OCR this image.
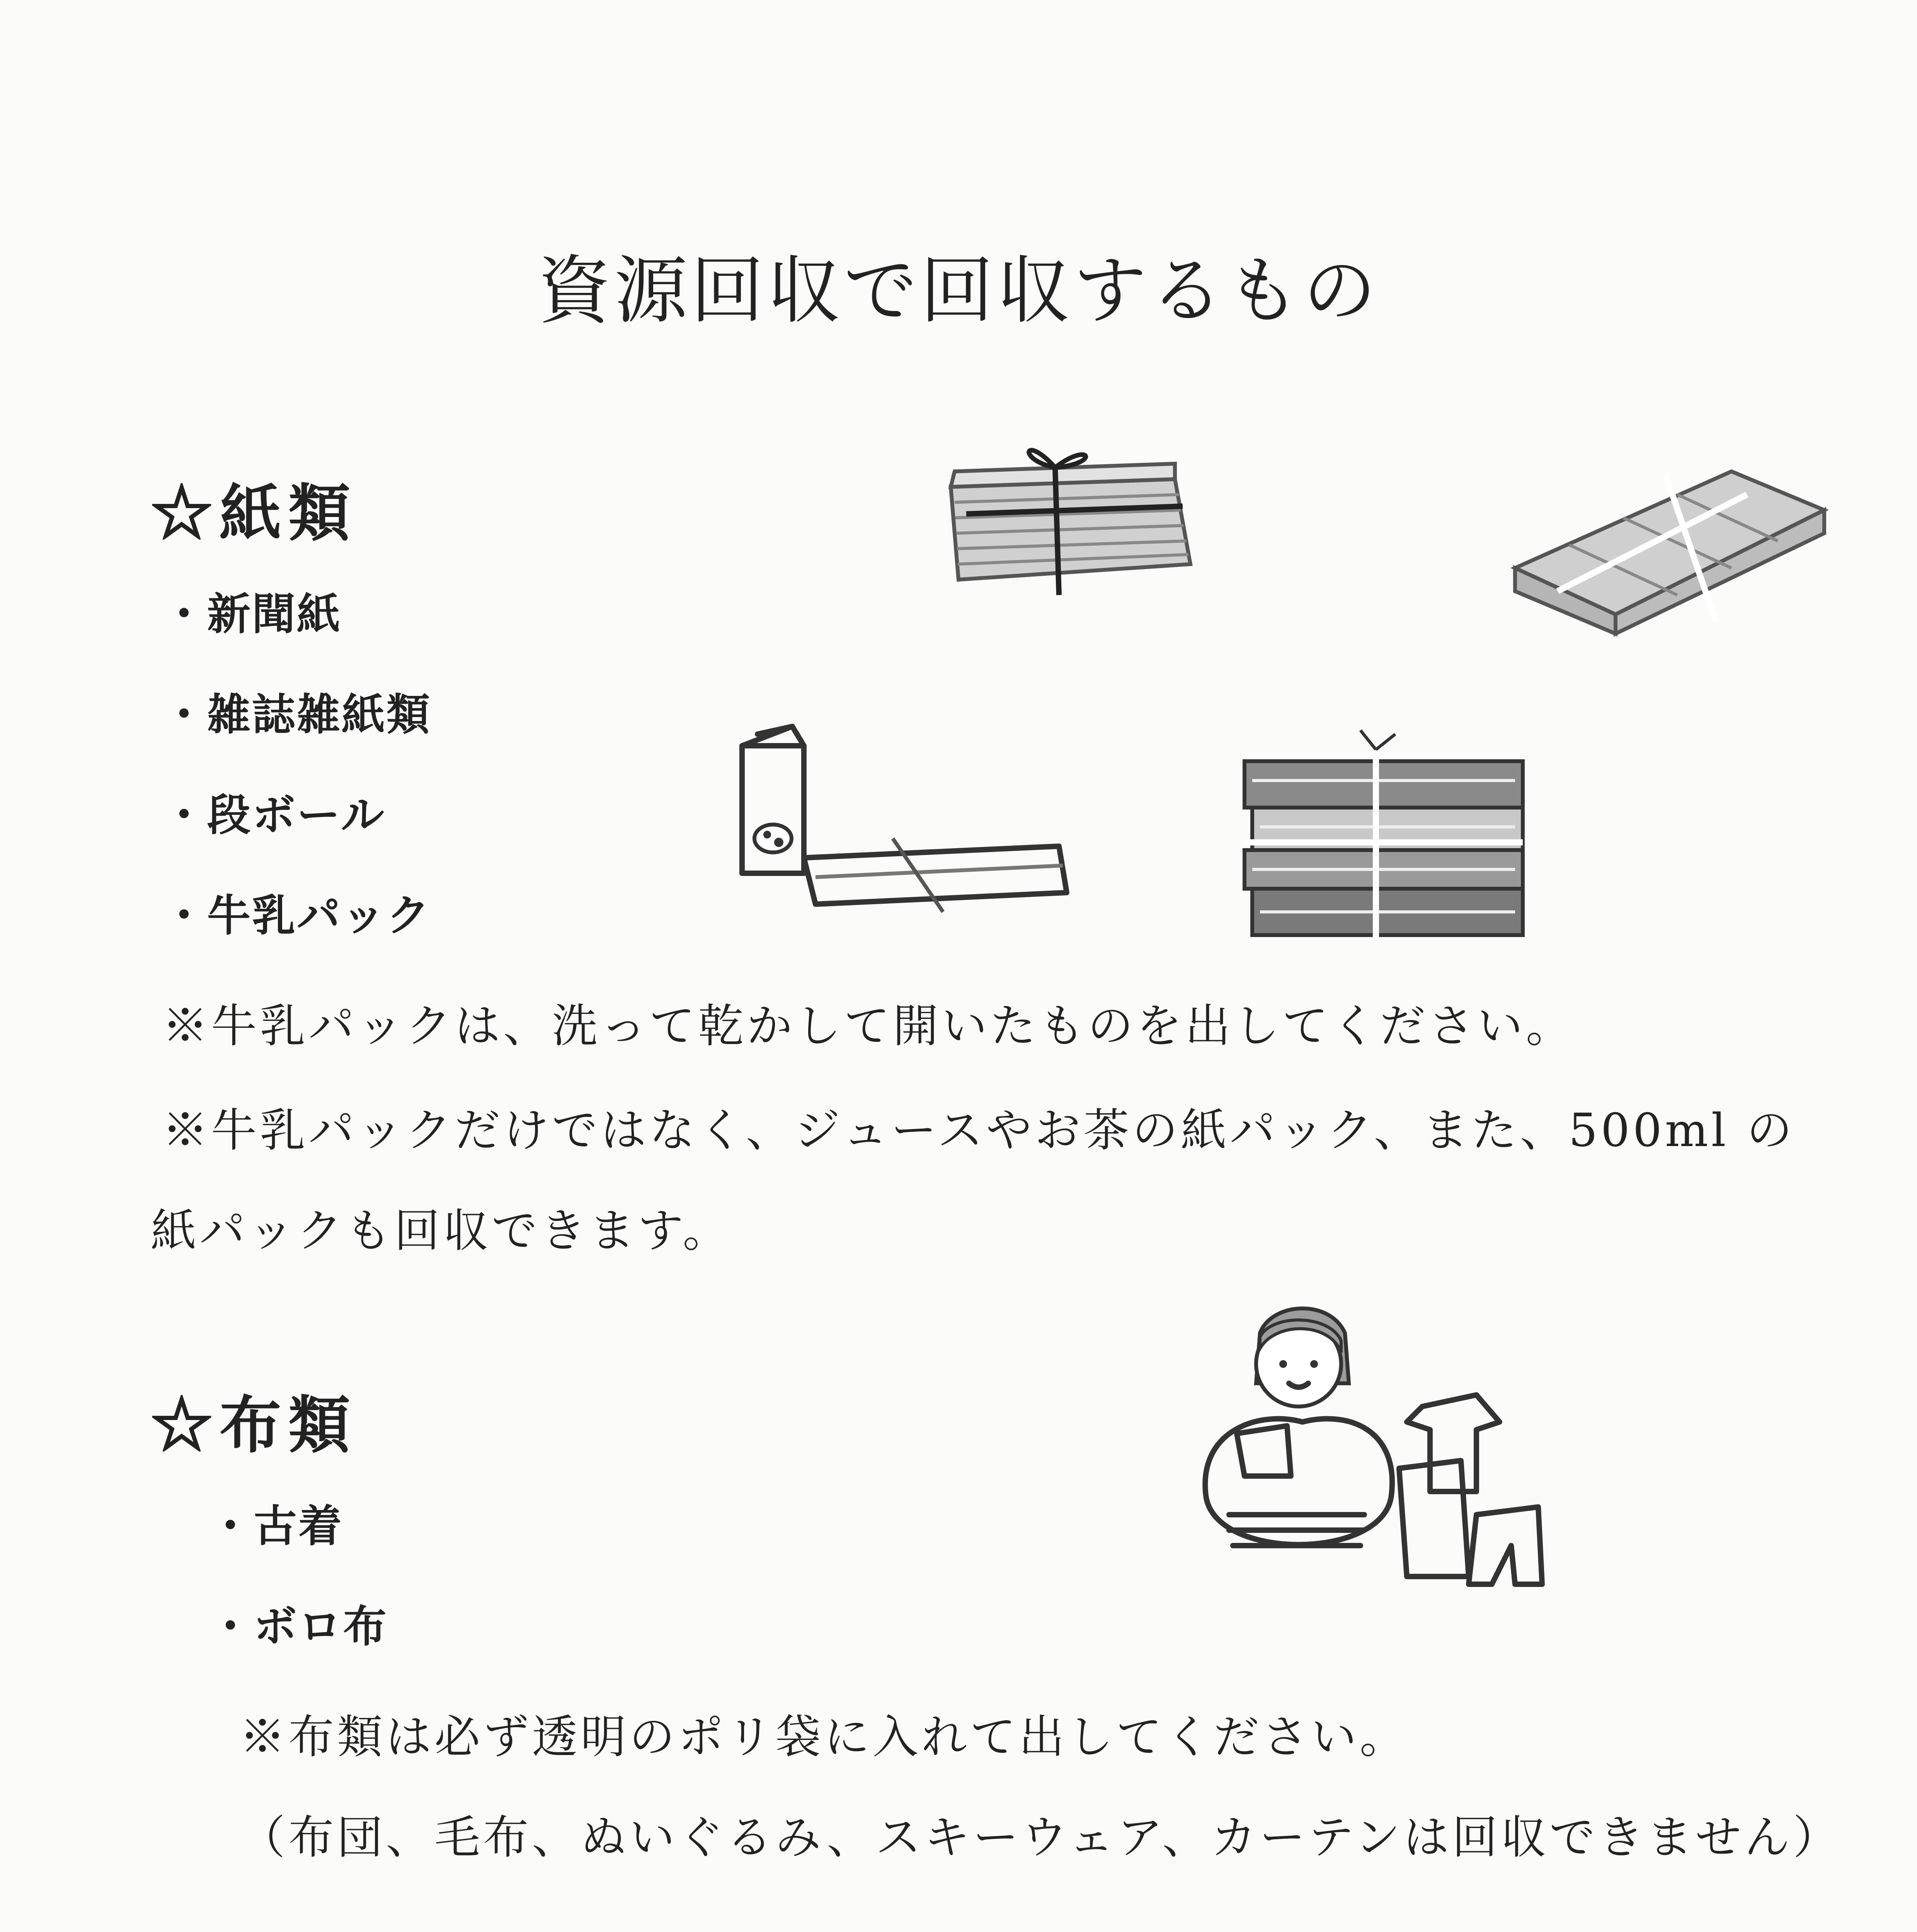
資源回収で回収するもの
☆紙類
・新聞紙
・雑誌雑紙類
・段ボール
・牛乳パック
※牛乳パックは、洗って乾かして開いたものを出してください。
※牛乳パックだけではなく、ジュースやお茶の紙パック、また、500ml の
紙パックも回収できます。
☆布類
・古着
・ボロ布
※布類は必ず透明のポリ袋に入れて出してください。
（布団、毛布、ぬいぐるみ、スキーウェア、カーテンは回収できません）
